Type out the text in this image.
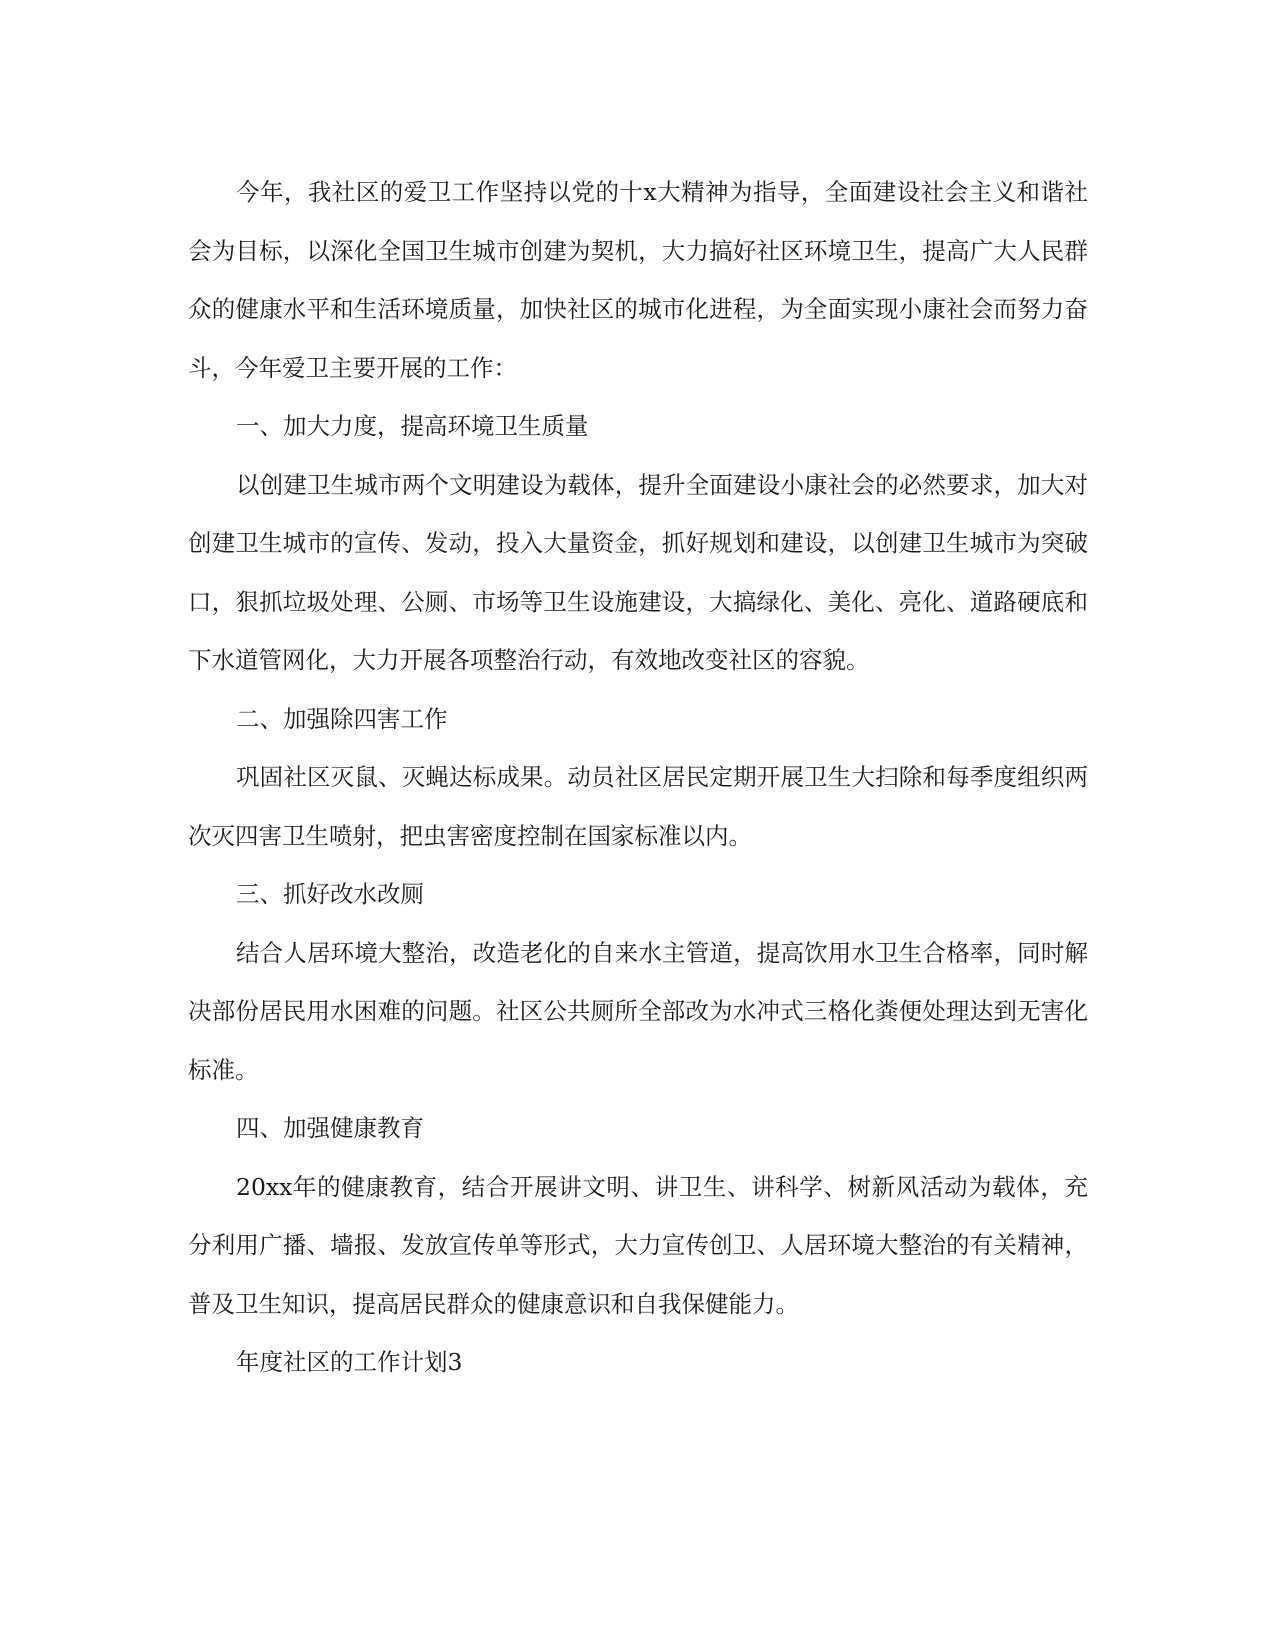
今年，我社区的爱卫工作坚持以党的十x大精神为指导，全面建设社会主义和谐社会为目标，以深化全国卫生城市创建为契机，大力搞好社区环境卫生，提高广大人民群众的健康水平和生活环境质量，加快社区的城市化进程，为全面实现小康社会而努力奋斗，今年爱卫主要开展的工作：

一、加大力度，提高环境卫生质量

以创建卫生城市两个文明建设为载体，提升全面建设小康社会的必然要求，加大对创建卫生城市的宣传、发动，投入大量资金，抓好规划和建设，以创建卫生城市为突破口，狠抓垃圾处理、公厕、市场等卫生设施建设，大搞绿化、美化、亮化、道路硬底和下水道管网化，大力开展各项整治行动，有效地改变社区的容貌。

二、加强除四害工作

巩固社区灭鼠、灭蝇达标成果。动员社区居民定期开展卫生大扫除和每季度组织两次灭四害卫生喷射，把虫害密度控制在国家标准以内。

三、抓好改水改厕

结合人居环境大整治，改造老化的自来水主管道，提高饮用水卫生合格率，同时解决部份居民用水困难的问题。社区公共厕所全部改为水冲式三格化粪便处理达到无害化标准。

四、加强健康教育

20xx年的健康教育，结合开展讲文明、讲卫生、讲科学、树新风活动为载体，充分利用广播、墙报、发放宣传单等形式，大力宣传创卫、人居环境大整治的有关精神，普及卫生知识，提高居民群众的健康意识和自我保健能力。

年度社区的工作计划3
